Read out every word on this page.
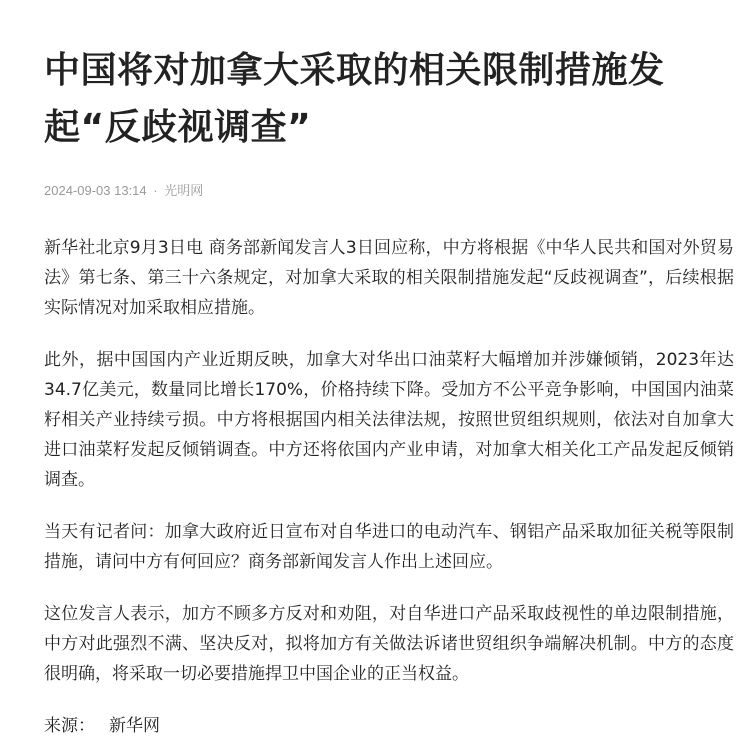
中国将对加拿大采取的相关限制措施发起“反歧视调查”
2024-09-03 13:14 · 光明网

新华社北京9月3日电 商务部新闻发言人3日回应称，中方将根据《中华人民共和国对外贸易法》第七条、第三十六条规定，对加拿大采取的相关限制措施发起“反歧视调查”，后续根据实际情况对加采取相应措施。

此外，据中国国内产业近期反映，加拿大对华出口油菜籽大幅增加并涉嫌倾销，2023年达34.7亿美元，数量同比增长170%，价格持续下降。受加方不公平竞争影响，中国国内油菜籽相关产业持续亏损。中方将根据国内相关法律法规，按照世贸组织规则，依法对自加拿大进口油菜籽发起反倾销调查。中方还将依国内产业申请，对加拿大相关化工产品发起反倾销调查。

当天有记者问：加拿大政府近日宣布对自华进口的电动汽车、钢铝产品采取加征关税等限制措施，请问中方有何回应？商务部新闻发言人作出上述回应。

这位发言人表示，加方不顾多方反对和劝阻，对自华进口产品采取歧视性的单边限制措施，中方对此强烈不满、坚决反对，拟将加方有关做法诉诸世贸组织争端解决机制。中方的态度很明确，将采取一切必要措施捍卫中国企业的正当权益。

来源： 新华网
